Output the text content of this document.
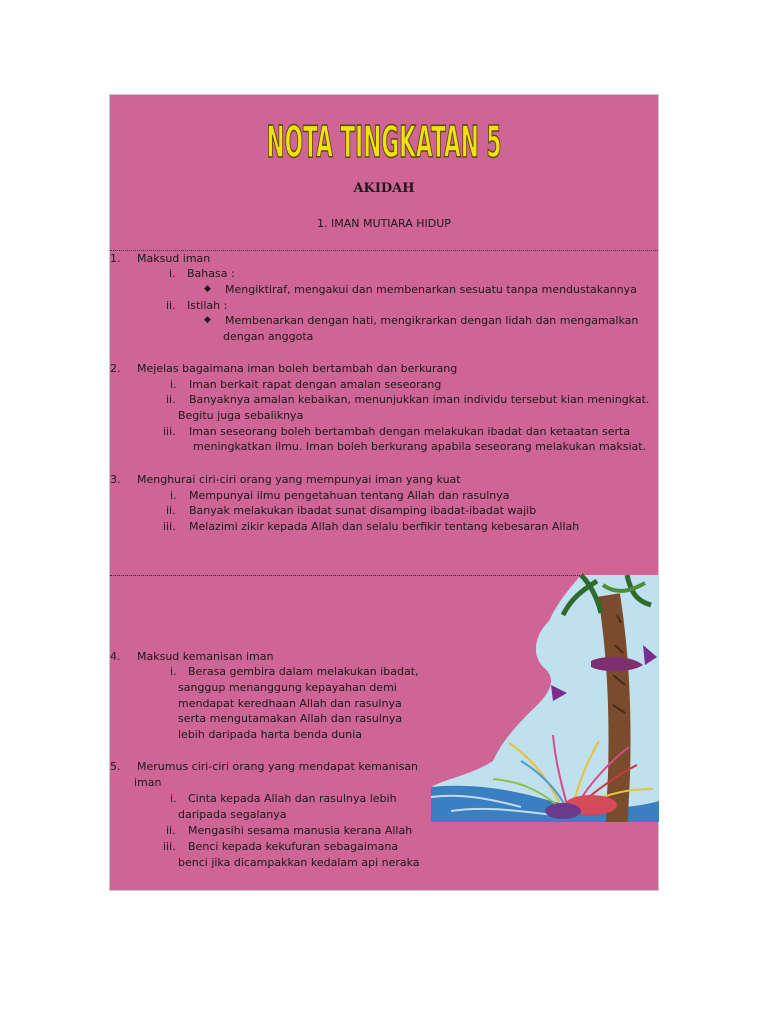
NOTA TINGKATAN 5
AKIDAH
1. IMAN MUTIARA HIDUP
1. Maksud iman
i. Bahasa :
◆ Mengiktiraf, mengakui dan membenarkan sesuatu tanpa mendustakannya
ii. Istilah :
◆ Membenarkan dengan hati, mengikrarkan dengan lidah dan mengamalkan
dengan anggota
2. Mejelas bagaimana iman boleh bertambah dan berkurang
i. Iman berkait rapat dengan amalan seseorang
ii. Banyaknya amalan kebaikan, menunjukkan iman individu tersebut kian meningkat.
Begitu juga sebaliknya
iii. Iman seseorang boleh bertambah dengan melakukan ibadat dan ketaatan serta
meningkatkan ilmu. Iman boleh berkurang apabila seseorang melakukan maksiat.
3. Menghurai ciri-ciri orang yang mempunyai iman yang kuat
i. Mempunyai ilmu pengetahuan tentang Allah dan rasulnya
ii. Banyak melakukan ibadat sunat disamping ibadat-ibadat wajib
iii. Melazimi zikir kepada Allah dan selalu berfikir tentang kebesaran Allah
4. Maksud kemanisan iman
i. Berasa gembira dalam melakukan ibadat,
sanggup menanggung kepayahan demi
mendapat keredhaan Allah dan rasulnya
serta mengutamakan Allah dan rasulnya
lebih daripada harta benda dunia
5. Merumus ciri-ciri orang yang mendapat kemanisan
iman
i. Cinta kepada Allah dan rasulnya lebih
daripada segalanya
ii. Mengasihi sesama manusia kerana Allah
iii. Benci kepada kekufuran sebagaimana
benci jika dicampakkan kedalam api neraka
